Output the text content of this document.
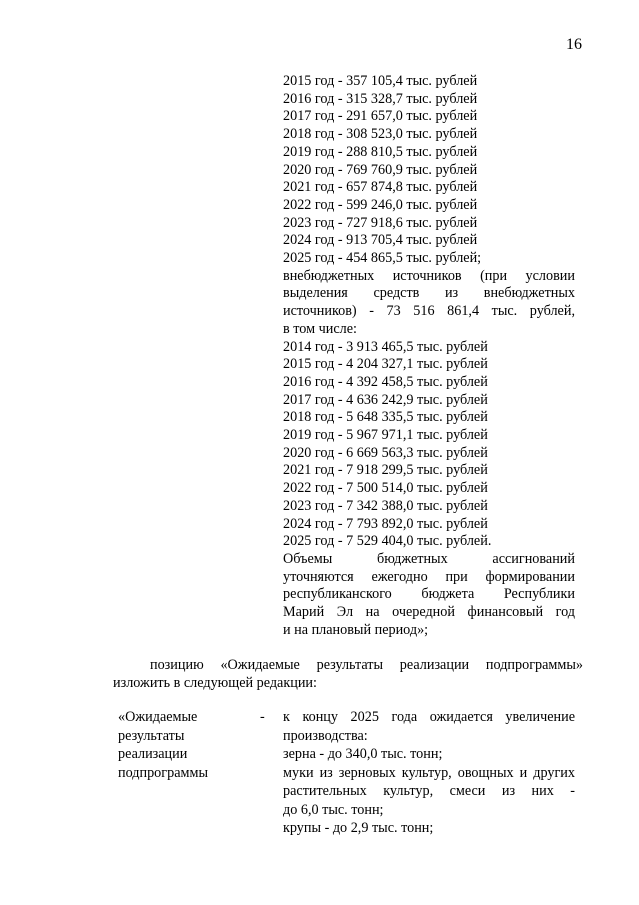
16
2015 год - 357 105,4 тыс. рублей
2016 год - 315 328,7 тыс. рублей
2017 год - 291 657,0 тыс. рублей
2018 год - 308 523,0 тыс. рублей
2019 год - 288 810,5 тыс. рублей
2020 год - 769 760,9 тыс. рублей
2021 год - 657 874,8 тыс. рублей
2022 год - 599 246,0 тыс. рублей
2023 год - 727 918,6 тыс. рублей
2024 год - 913 705,4 тыс. рублей
2025 год - 454 865,5 тыс. рублей;
внебюджетных источников (при условии
выделения средств из внебюджетных
источников) - 73 516 861,4 тыс. рублей,
в том числе:
2014 год - 3 913 465,5 тыс. рублей
2015 год - 4 204 327,1 тыс. рублей
2016 год - 4 392 458,5 тыс. рублей
2017 год - 4 636 242,9 тыс. рублей
2018 год - 5 648 335,5 тыс. рублей
2019 год - 5 967 971,1 тыс. рублей
2020 год - 6 669 563,3 тыс. рублей
2021 год - 7 918 299,5 тыс. рублей
2022 год - 7 500 514,0 тыс. рублей
2023 год - 7 342 388,0 тыс. рублей
2024 год - 7 793 892,0 тыс. рублей
2025 год - 7 529 404,0 тыс. рублей.
Объемы бюджетных ассигнований
уточняются ежегодно при формировании
республиканского бюджета Республики
Марий Эл на очередной финансовый год
и на плановый период»;
позицию «Ожидаемые результаты реализации подпрограммы»
изложить в следующей редакции:
«Ожидаемые
результаты
реализации
подпрограммы
- к концу 2025 года ожидается увеличение
производства:
зерна - до 340,0 тыс. тонн;
муки из зерновых культур, овощных и других
растительных культур, смеси из них -
до 6,0 тыс. тонн;
крупы - до 2,9 тыс. тонн;
